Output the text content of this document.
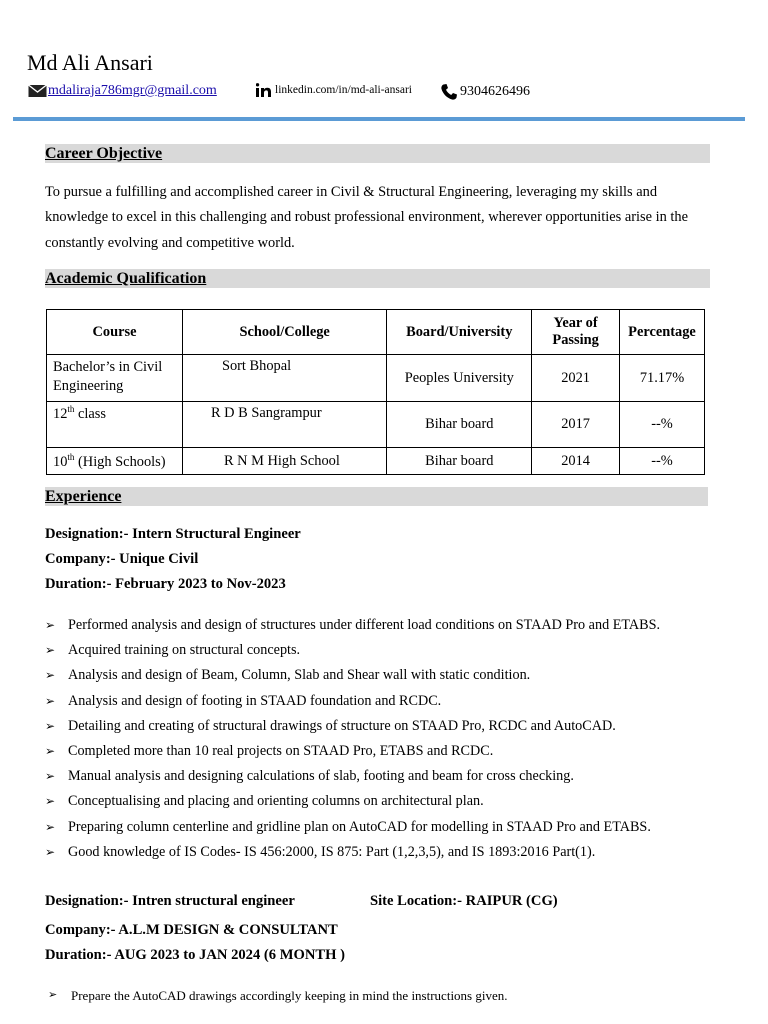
Md Ali Ansari
mdaliraja786mgr@gmail.com
	linkedin.com/in/md-ali-ansari	9304626496
Career Objective
To pursue a fulfilling and accomplished career in Civil & Structural Engineering, leveraging my skills and knowledge to excel in this challenging and robust professional environment, wherever opportunities arise in the constantly evolving and competitive world.
Academic Qualification
Course	School/College	Board/University	Year of Passing	Percentage
Bachelor’s in Civil Engineering	Sort Bhopal	Peoples University	2021	71.17%
12th class	R D B Sangrampur	Bihar board	2017	--%
10th (High Schools)	R N M High School	Bihar board	2014	--%
Experience
Designation:- Intern Structural Engineer
Company:- Unique Civil
Duration:- February 2023 to Nov-2023
➢ Performed analysis and design of structures under different load conditions on STAAD Pro and ETABS.
➢ Acquired training on structural concepts.
➢ Analysis and design of Beam, Column, Slab and Shear wall with static condition.
➢ Analysis and design of footing in STAAD foundation and RCDC.
➢ Detailing and creating of structural drawings of structure on STAAD Pro, RCDC and AutoCAD.
➢ Completed more than 10 real projects on STAAD Pro, ETABS and RCDC.
➢ Manual analysis and designing calculations of slab, footing and beam for cross checking.
➢ Conceptualising and placing and orienting columns on architectural plan.
➢ Preparing column centerline and gridline plan on AutoCAD for modelling in STAAD Pro and ETABS.
➢ Good knowledge of IS Codes- IS 456:2000, IS 875: Part (1,2,3,5), and IS 1893:2016 Part(1).
Designation:- Intren structural engineer	Site Location:- RAIPUR (CG)
Company:- A.L.M DESIGN & CONSULTANT
Duration:- AUG 2023 to JAN 2024 (6 MONTH )
➢	Prepare the AutoCAD drawings accordingly keeping in mind the instructions given.
